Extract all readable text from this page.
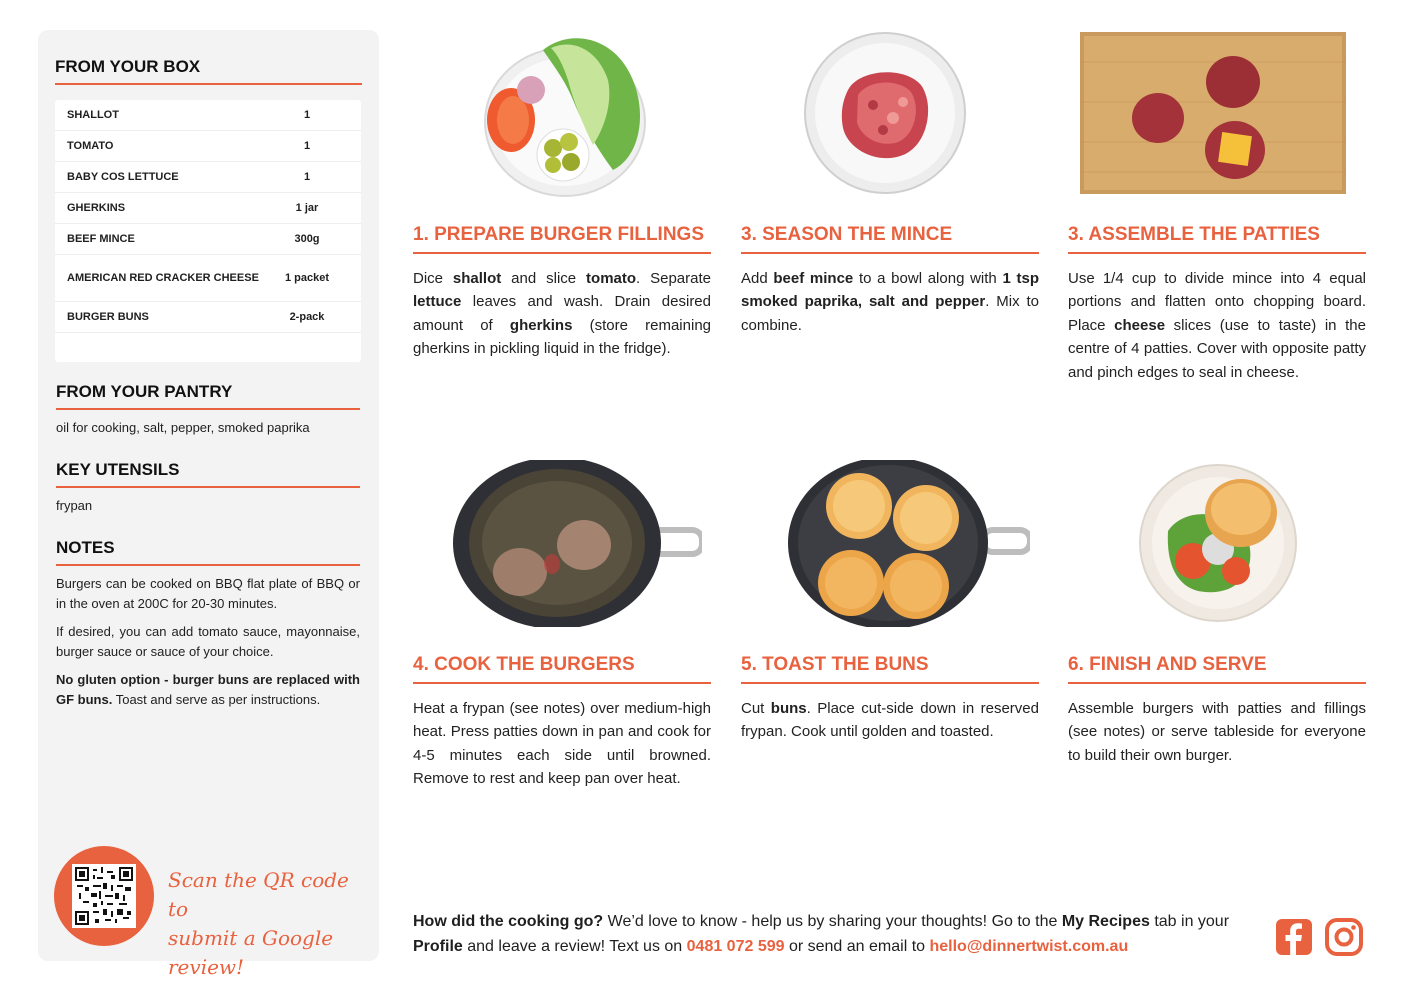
FROM YOUR BOX
SHALLOT	1
TOMATO	1
BABY COS LETTUCE	1
GHERKINS	1 jar
BEEF MINCE	300g
AMERICAN RED CRACKER CHEESE	1 packet
BURGER BUNS	2-pack
FROM YOUR PANTRY
oil for cooking, salt, pepper, smoked paprika
KEY UTENSILS
frypan
NOTES

Burgers can be cooked on BBQ flat plate of BBQ or in the oven at 200C for 20-30 minutes.

If desired, you can add tomato sauce, mayonnaise, burger sauce or sauce of your choice.

No gluten option - burger buns are replaced with GF buns. Toast and serve as per instructions.

Scan the QR code to
submit a Google review!
1. PREPARE BURGER FILLINGS
Dice shallot and slice tomato. Separate lettuce leaves and wash. Drain desired amount of gherkins (store remaining gherkins in pickling liquid in the fridge).
3. SEASON THE MINCE
Add beef mince to a bowl along with 1 tsp smoked paprika, salt and pepper. Mix to combine.
3. ASSEMBLE THE PATTIES
Use 1/4 cup to divide mince into 4 equal portions and flatten onto chopping board. Place cheese slices (use to taste) in the centre of 4 patties. Cover with opposite patty and pinch edges to seal in cheese.
4. COOK THE BURGERS
Heat a frypan (see notes) over medium-high heat. Press patties down in pan and cook for 4-5 minutes each side until browned. Remove to rest and keep pan over heat.
5. TOAST THE BUNS
Cut buns. Place cut-side down in reserved frypan. Cook until golden and toasted.
6. FINISH AND SERVE
Assemble burgers with patties and fillings (see notes) or serve tableside for everyone to build their own burger.
How did the cooking go? We’d love to know - help us by sharing your thoughts! Go to the My Recipes tab in your Profile and leave a review! Text us on 0481 072 599 or send an email to hello@dinnertwist.com.au
